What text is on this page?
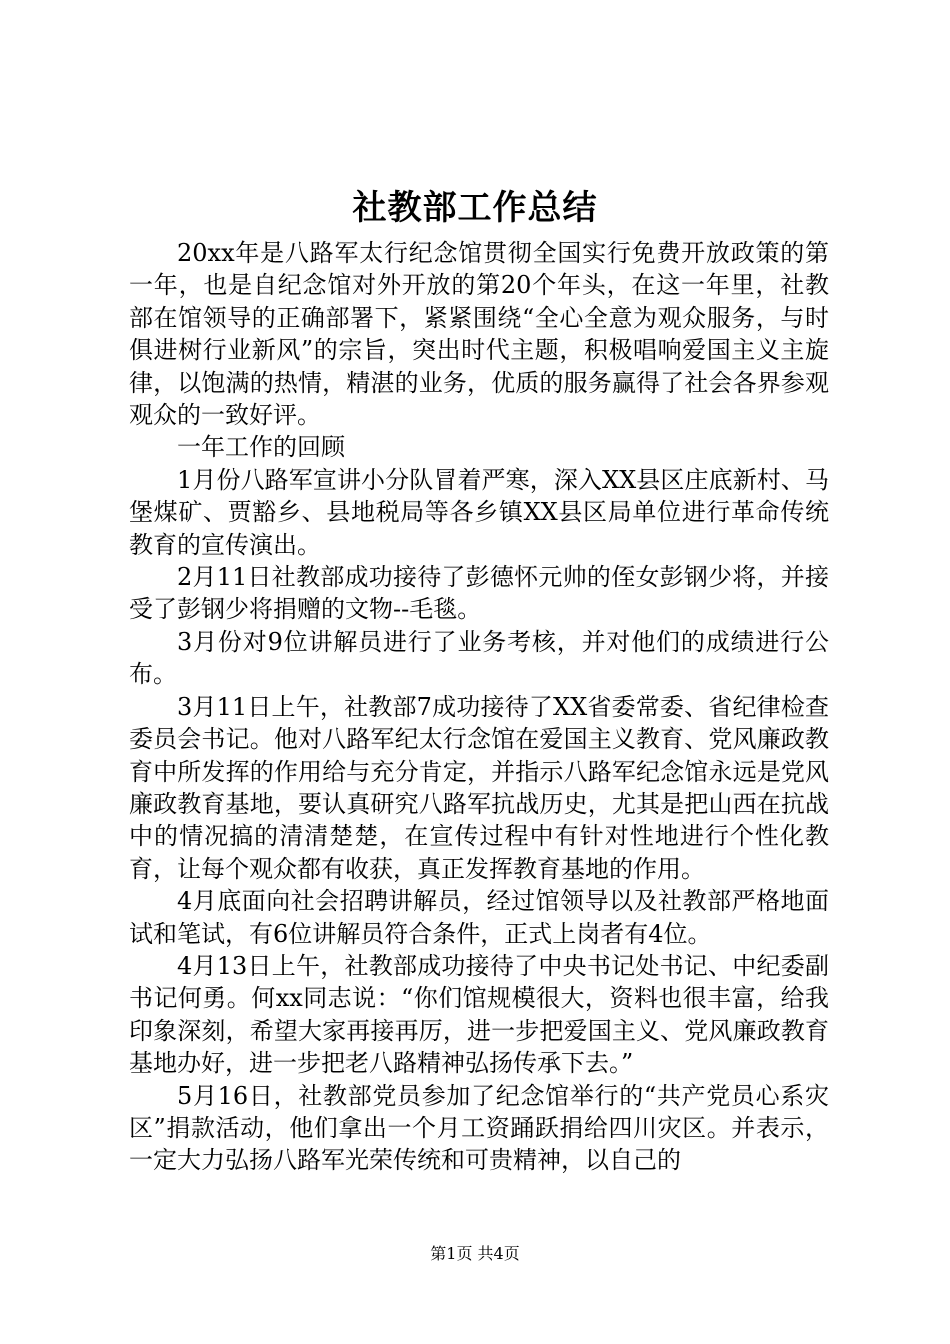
社教部工作总结

20xx年是八路军太行纪念馆贯彻全国实行免费开放政策的第一年，也是自纪念馆对外开放的第20个年头，在这一年里，社教部在馆领导的正确部署下，紧紧围绕“全心全意为观众服务，与时俱进树行业新风”的宗旨，突出时代主题，积极唱响爱国主义主旋律，以饱满的热情，精湛的业务，优质的服务赢得了社会各界参观观众的一致好评。

一年工作的回顾

1月份八路军宣讲小分队冒着严寒，深入XX县区庄底新村、马堡煤矿、贾豁乡、县地税局等各乡镇XX县区局单位进行革命传统教育的宣传演出。

2月11日社教部成功接待了彭德怀元帅的侄女彭钢少将，并接受了彭钢少将捐赠的文物--毛毯。

3月份对9位讲解员进行了业务考核，并对他们的成绩进行公布。

3月11日上午，社教部7成功接待了XX省委常委、省纪律检查委员会书记。他对八路军纪太行念馆在爱国主义教育、党风廉政教育中所发挥的作用给与充分肯定，并指示八路军纪念馆永远是党风廉政教育基地，要认真研究八路军抗战历史，尤其是把山西在抗战中的情况搞的清清楚楚，在宣传过程中有针对性地进行个性化教育，让每个观众都有收获，真正发挥教育基地的作用。

4月底面向社会招聘讲解员，经过馆领导以及社教部严格地面试和笔试，有6位讲解员符合条件，正式上岗者有4位。

4月13日上午，社教部成功接待了中央书记处书记、中纪委副书记何勇。何xx同志说：“你们馆规模很大，资料也很丰富，给我印象深刻，希望大家再接再厉，进一步把爱国主义、党风廉政教育基地办好，进一步把老八路精神弘扬传承下去。”

5月16日，社教部党员参加了纪念馆举行的“共产党员心系灾区”捐款活动，他们拿出一个月工资踊跃捐给四川灾区。并表示，一定大力弘扬八路军光荣传统和可贵精神，以自己的

第1页 共4页
